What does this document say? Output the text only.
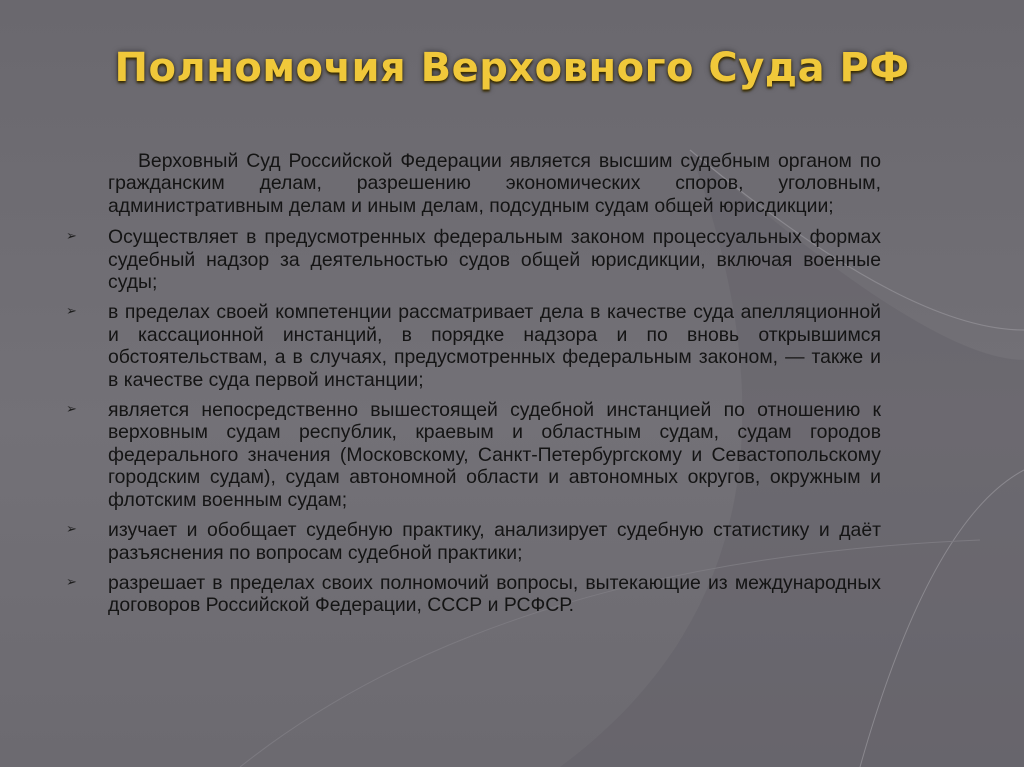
Полномочия Верховного Суда РФ

Верховный Суд Российской Федерации является высшим судебным органом по гражданским делам, разрешению экономических споров, уголовным, административным делам и иным делам, подсудным судам общей юрисдикции;

➢	Осуществляет в предусмотренных федеральным законом процессуальных формах судебный надзор за деятельностью судов общей юрисдикции, включая военные суды;
➢	в пределах своей компетенции рассматривает дела в качестве суда апелляционной и кассационной инстанций, в порядке надзора и по вновь открывшимся обстоятельствам, а в случаях, предусмотренных федеральным законом, — также и в качестве суда первой инстанции;
➢	является непосредственно вышестоящей судебной инстанцией по отношению к верховным судам республик, краевым и областным судам, судам городов федерального значения (Московскому, Санкт-Петербургскому и Севастопольскому городским судам), судам автономной области и автономных округов, окружным и флотским военным судам;
➢	изучает и обобщает судебную практику, анализирует судебную статистику и даёт разъяснения по вопросам судебной практики;
➢	разрешает в пределах своих полномочий вопросы, вытекающие из международных договоров Российской Федерации, СССР и РСФСР.
